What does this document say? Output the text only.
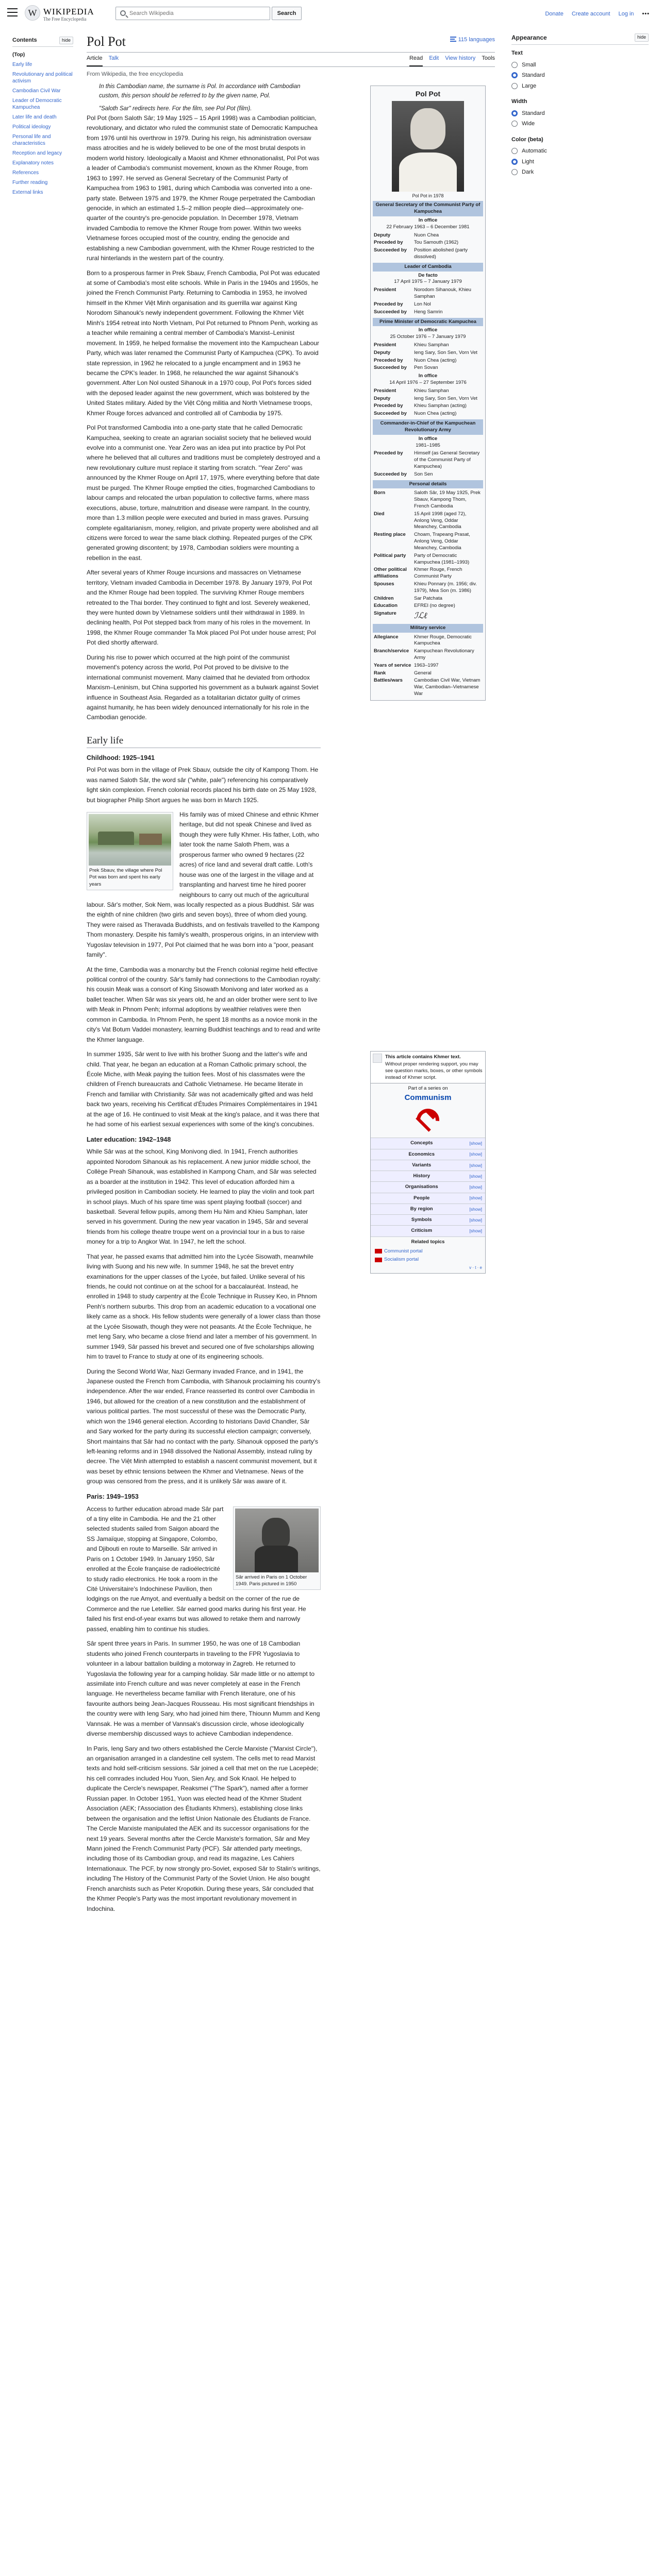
W WIKIPEDIA
The Free Encyclopedia
Search Wikipedia
Search	Donate Create account Log in •••
Contents	hide
(Top)
Early life
Revolutionary and political activism
Cambodian Civil War
Leader of Democratic Kampuchea
Later life and death
Political ideology
Personal life and characteristics
Reception and legacy
Explanatory notes
References
Further reading
External links
Pol Pot	115 languages
Article Talk	Read Edit View history Tools
From Wikipedia, the free encyclopedia
In this Cambodian name, the surname is Pol. In accordance with Cambodian custom, this person should be referred to by the given name, Pol.
"Saloth Sar" redirects here. For the film, see Pol Pot (film).

Pol Pot (born Saloth Sâr; 19 May 1925 – 15 April 1998) was a Cambodian politician, revolutionary, and dictator who ruled the communist state of Democratic Kampuchea from 1976 until his overthrow in 1979. During his reign, his administration oversaw mass atrocities and he is widely believed to be one of the most brutal despots in modern world history. Ideologically a Maoist and Khmer ethnonationalist, Pol Pot was a leader of Cambodia's communist movement, known as the Khmer Rouge, from 1963 to 1997. He served as General Secretary of the Communist Party of Kampuchea from 1963 to 1981, during which Cambodia was converted into a one-party state. Between 1975 and 1979, the Khmer Rouge perpetrated the Cambodian genocide, in which an estimated 1.5–2 million people died—approximately one-quarter of the country's pre-genocide population. In December 1978, Vietnam invaded Cambodia to remove the Khmer Rouge from power. Within two weeks Vietnamese forces occupied most of the country, ending the genocide and establishing a new Cambodian government, with the Khmer Rouge restricted to the rural hinterlands in the western part of the country.

Born to a prosperous farmer in Prek Sbauv, French Cambodia, Pol Pot was educated at some of Cambodia's most elite schools. While in Paris in the 1940s and 1950s, he joined the French Communist Party. Returning to Cambodia in 1953, he involved himself in the Khmer Việt Minh organisation and its guerrilla war against King Norodom Sihanouk's newly independent government. Following the Khmer Việt Minh's 1954 retreat into North Vietnam, Pol Pot returned to Phnom Penh, working as a teacher while remaining a central member of Cambodia's Marxist–Leninist movement. In 1959, he helped formalise the movement into the Kampuchean Labour Party, which was later renamed the Communist Party of Kampuchea (CPK). To avoid state repression, in 1962 he relocated to a jungle encampment and in 1963 he became the CPK's leader. In 1968, he relaunched the war against Sihanouk's government. After Lon Nol ousted Sihanouk in a 1970 coup, Pol Pot's forces sided with the deposed leader against the new government, which was bolstered by the United States military. Aided by the Việt Cộng militia and North Vietnamese troops, Khmer Rouge forces advanced and controlled all of Cambodia by 1975.

Pol Pot transformed Cambodia into a one-party state that he called Democratic Kampuchea, seeking to create an agrarian socialist society that he believed would evolve into a communist one. Year Zero was an idea put into practice by Pol Pot where he believed that all cultures and traditions must be completely destroyed and a new revolutionary culture must replace it starting from scratch. "Year Zero" was announced by the Khmer Rouge on April 17, 1975, where everything before that date must be purged. The Khmer Rouge emptied the cities, frogmarched Cambodians to labour camps and relocated the urban population to collective farms, where mass executions, abuse, torture, malnutrition and disease were rampant. In the country, more than 1.3 million people were executed and buried in mass graves. Pursuing complete egalitarianism, money, religion, and private property were abolished and all citizens were forced to wear the same black clothing. Repeated purges of the CPK generated growing discontent; by 1978, Cambodian soldiers were mounting a rebellion in the east.

After several years of Khmer Rouge incursions and massacres on Vietnamese territory, Vietnam invaded Cambodia in December 1978. By January 1979, Pol Pot and the Khmer Rouge had been toppled. The surviving Khmer Rouge members retreated to the Thai border. They continued to fight and lost. Severely weakened, they were hunted down by Vietnamese soldiers until their withdrawal in 1989. In declining health, Pol Pot stepped back from many of his roles in the movement. In 1998, the Khmer Rouge commander Ta Mok placed Pol Pot under house arrest; Pol Pot died shortly afterward.

During his rise to power which occurred at the high point of the communist movement's potency across the world, Pol Pot proved to be divisive to the international communist movement. Many claimed that he deviated from orthodox Marxism–Leninism, but China supported his government as a bulwark against Soviet influence in Southeast Asia. Regarded as a totalitarian dictator guilty of crimes against humanity, he has been widely denounced internationally for his role in the Cambodian genocide.

Early life
Childhood: 1925–1941

Pol Pot was born in the village of Prek Sbauv, outside the city of Kampong Thom. He was named Saloth Sâr, the word sâr ("white, pale") referencing his comparatively light skin complexion. French colonial records placed his birth date on 25 May 1928, but biographer Philip Short argues he was born in March 1925.

Prek Sbauv, the village where Pol Pot was born and spent his early years

His family was of mixed Chinese and ethnic Khmer heritage, but did not speak Chinese and lived as though they were fully Khmer. His father, Loth, who later took the name Saloth Phem, was a prosperous farmer who owned 9 hectares (22 acres) of rice land and several draft cattle. Loth's house was one of the largest in the village and at transplanting and harvest time he hired poorer neighbours to carry out much of the agricultural labour. Sâr's mother, Sok Nem, was locally respected as a pious Buddhist. Sâr was the eighth of nine children (two girls and seven boys), three of whom died young. They were raised as Theravada Buddhists, and on festivals travelled to the Kampong Thom monastery. Despite his family's wealth, prosperous origins, in an interview with Yugoslav television in 1977, Pol Pot claimed that he was born into a "poor, peasant family".

At the time, Cambodia was a monarchy but the French colonial regime held effective political control of the country. Sâr's family had connections to the Cambodian royalty: his cousin Meak was a consort of King Sisowath Monivong and later worked as a ballet teacher. When Sâr was six years old, he and an older brother were sent to live with Meak in Phnom Penh; informal adoptions by wealthier relatives were then common in Cambodia. In Phnom Penh, he spent 18 months as a novice monk in the city's Vat Botum Vaddei monastery, learning Buddhist teachings and to read and write the Khmer language.

In summer 1935, Sâr went to live with his brother Suong and the latter's wife and child. That year, he began an education at a Roman Catholic primary school, the École Miche, with Meak paying the tuition fees. Most of his classmates were the children of French bureaucrats and Catholic Vietnamese. He became literate in French and familiar with Christianity. Sâr was not academically gifted and was held back two years, receiving his Certificat d'Études Primaires Complémentaires in 1941 at the age of 16. He continued to visit Meak at the king's palace, and it was there that he had some of his earliest sexual experiences with some of the king's concubines.

Later education: 1942–1948

While Sâr was at the school, King Monivong died. In 1941, French authorities appointed Norodom Sihanouk as his replacement. A new junior middle school, the Collège Preah Sihanouk, was established in Kampong Cham, and Sâr was selected as a boarder at the institution in 1942. This level of education afforded him a privileged position in Cambodian society. He learned to play the violin and took part in school plays. Much of his spare time was spent playing football (soccer) and basketball. Several fellow pupils, among them Hu Nim and Khieu Samphan, later served in his government. During the new year vacation in 1945, Sâr and several friends from his college theatre troupe went on a provincial tour in a bus to raise money for a trip to Angkor Wat. In 1947, he left the school.

That year, he passed exams that admitted him into the Lycée Sisowath, meanwhile living with Suong and his new wife. In summer 1948, he sat the brevet entry examinations for the upper classes of the Lycée, but failed. Unlike several of his friends, he could not continue on at the school for a baccalauréat. Instead, he enrolled in 1948 to study carpentry at the École Technique in Russey Keo, in Phnom Penh's northern suburbs. This drop from an academic education to a vocational one likely came as a shock. His fellow students were generally of a lower class than those at the Lycée Sisowath, though they were not peasants. At the École Technique, he met Ieng Sary, who became a close friend and later a member of his government. In summer 1949, Sâr passed his brevet and secured one of five scholarships allowing him to travel to France to study at one of its engineering schools.

During the Second World War, Nazi Germany invaded France, and in 1941, the Japanese ousted the French from Cambodia, with Sihanouk proclaiming his country's independence. After the war ended, France reasserted its control over Cambodia in 1946, but allowed for the creation of a new constitution and the establishment of various political parties. The most successful of these was the Democratic Party, which won the 1946 general election. According to historians David Chandler, Sâr and Sary worked for the party during its successful election campaign; conversely, Short maintains that Sâr had no contact with the party. Sihanouk opposed the party's left-leaning reforms and in 1948 dissolved the National Assembly, instead ruling by decree. The Việt Minh attempted to establish a nascent communist movement, but it was beset by ethnic tensions between the Khmer and Vietnamese. News of the group was censored from the press, and it is unlikely Sâr was aware of it.

Paris: 1949–1953
Sâr arrived in Paris on 1 October 1949. Paris pictured in 1950

Access to further education abroad made Sâr part of a tiny elite in Cambodia. He and the 21 other selected students sailed from Saigon aboard the SS Jamaïque, stopping at Singapore, Colombo, and Djibouti en route to Marseille. Sâr arrived in Paris on 1 October 1949. In January 1950, Sâr enrolled at the École française de radioélectricité to study radio electronics. He took a room in the Cité Universitaire's Indochinese Pavilion, then lodgings on the rue Amyot, and eventually a bedsit on the corner of the rue de Commerce and the rue Letellier. Sâr earned good marks during his first year. He failed his first end-of-year exams but was allowed to retake them and narrowly passed, enabling him to continue his studies.

Sâr spent three years in Paris. In summer 1950, he was one of 18 Cambodian students who joined French counterparts in traveling to the FPR Yugoslavia to volunteer in a labour battalion building a motorway in Zagreb. He returned to Yugoslavia the following year for a camping holiday. Sâr made little or no attempt to assimilate into French culture and was never completely at ease in the French language. He nevertheless became familiar with French literature, one of his favourite authors being Jean-Jacques Rousseau. His most significant friendships in the country were with Ieng Sary, who had joined him there, Thiounn Mumm and Keng Vannsak. He was a member of Vannsak's discussion circle, whose ideologically diverse membership discussed ways to achieve Cambodian independence.

In Paris, Ieng Sary and two others established the Cercle Marxiste ("Marxist Circle"), an organisation arranged in a clandestine cell system. The cells met to read Marxist texts and hold self-criticism sessions. Sâr joined a cell that met on the rue Lacepède; his cell comrades included Hou Yuon, Sien Ary, and Sok Knaol. He helped to duplicate the Cercle's newspaper, Reaksmei ("The Spark"), named after a former Russian paper. In October 1951, Yuon was elected head of the Khmer Student Association (AEK; l'Association des Étudiants Khmers), establishing close links between the organisation and the leftist Union Nationale des Étudiants de France. The Cercle Marxiste manipulated the AEK and its successor organisations for the next 19 years. Several months after the Cercle Marxiste's formation, Sâr and Mey Mann joined the French Communist Party (PCF). Sâr attended party meetings, including those of its Cambodian group, and read its magazine, Les Cahiers Internationaux. The PCF, by now strongly pro-Soviet, exposed Sâr to Stalin's writings, including The History of the Communist Party of the Soviet Union. He also bought French anarchists such as Peter Kropotkin. During these years, Sâr concluded that the Khmer People's Party was the most important revolutionary movement in Indochina.

Pol Pot
Pol Pot in 1978
General Secretary of the Communist Party of Kampuchea
In office
22 February 1963 – 6 December 1981
Deputy	Nuon Chea
Preceded by	Tou Samouth (1962)
Succeeded by	Position abolished (party dissolved)
Leader of Cambodia
De facto
17 April 1975 – 7 January 1979
President	Norodom Sihanouk, Khieu Samphan
Preceded by	Lon Nol
Succeeded by	Heng Samrin
Prime Minister of Democratic Kampuchea
In office
25 October 1976 – 7 January 1979
President	Khieu Samphan
Deputy	Ieng Sary, Son Sen, Vorn Vet
Preceded by	Nuon Chea (acting)
Succeeded by	Pen Sovan
In office
14 April 1976 – 27 September 1976
President	Khieu Samphan
Deputy	Ieng Sary, Son Sen, Vorn Vet
Preceded by	Khieu Samphan (acting)
Succeeded by	Nuon Chea (acting)
Commander-in-Chief of the Kampuchean Revolutionary Army
In office
1981–1985
Preceded by	Himself (as General Secretary of the Communist Party of Kampuchea)
Succeeded by	Son Sen
Personal details
Born	Saloth Sâr, 19 May 1925, Prek Sbauv, Kampong Thom, French Cambodia
Died	15 April 1998 (aged 72), Anlong Veng, Oddar Meanchey, Cambodia
Resting place	Choam, Trapeang Prasat, Anlong Veng, Oddar Meanchey, Cambodia
Political party	Party of Democratic Kampuchea (1981–1993)
Other political affiliations
Khmer Rouge, French Communist Party
Spouses	Khieu Ponnary (m. 1956; div. 1979), Mea Son (m. 1986)
Children	Sar Patchata
Education	EFREI (no degree)
Signature	ℐℒℓ
Military service
Allegiance	Khmer Rouge, Democratic Kampuchea
Branch/service	Kampuchean Revolutionary Army
Years of service 1963–1997
Rank	General
Battles/wars	Cambodian Civil War, Vietnam War, Cambodian–Vietnamese War
This article contains Khmer text.
Without proper rendering support, you may see question marks, boxes, or other symbols instead of Khmer script.
Part of a series on
Communism
Concepts	[show]
Economics	[show]
Variants	[show]
History	[show]
Organisations	[show]
People	[show]
By region	[show]
Symbols	[show]
Criticism	[show]
Related topics
Communist portal
Socialism portal
v · t · e
Appearance	hide
Text
Small
Standard
Large
Width
Standard
Wide
Color (beta)
Automatic
Light
Dark
